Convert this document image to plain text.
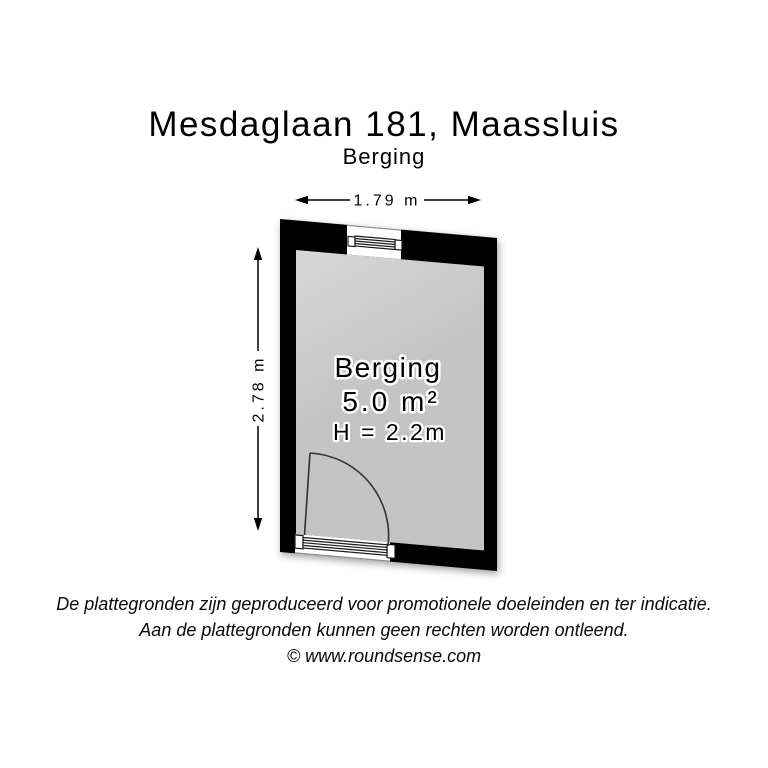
Mesdaglaan 181, Maassluis
Berging
1.79 m
2.78 m Berging
5.0 m²
H = 2.2m
De plattegronden zijn geproduceerd voor promotionele doeleinden en ter indicatie.
Aan de plattegronden kunnen geen rechten worden ontleend.
© www.roundsense.com
